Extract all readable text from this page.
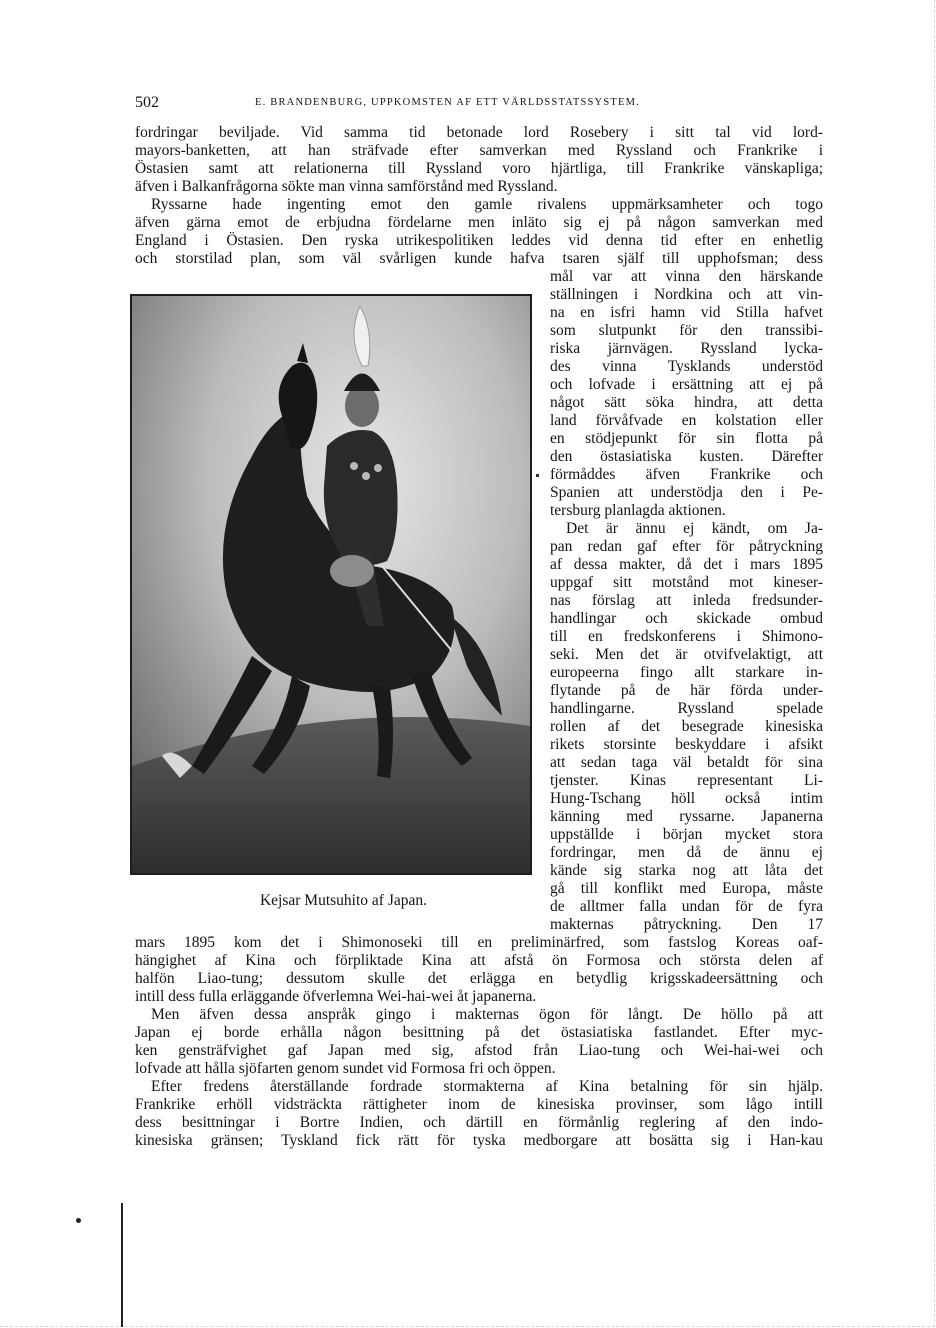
502	E. BRANDENBURG, UPPKOMSTEN AF ETT VÄRLDSSTATSSYSTEM.
fordringar beviljade. Vid samma tid betonade lord Rosebery i sitt tal vid lord-
mayors-banketten, att han sträfvade efter samverkan med Ryssland och Frankrike i
Östasien samt att relationerna till Ryssland voro hjärtliga, till Frankrike vänskapliga;
äfven i Balkanfrågorna sökte man vinna samförstånd med Ryssland.
Ryssarne hade ingenting emot den gamle rivalens uppmärksamheter och togo
äfven gärna emot de erbjudna fördelarne men inläto sig ej på någon samverkan med
England i Östasien. Den ryska utrikespolitiken leddes vid denna tid efter en enhetlig
och storstilad plan, som väl svårligen kunde hafva tsaren själf till upphofsman; dess
Kejsar Mutsuhito af Japan.
mål var att vinna den härskande
ställningen i Nordkina och att vin-
na en isfri hamn vid Stilla hafvet
som slutpunkt för den transsibi-
riska järnvägen. Ryssland lycka-
des vinna Tysklands understöd
och lofvade i ersättning att ej på
något sätt söka hindra, att detta
land förvåfvade en kolstation eller
en stödjepunkt för sin flotta på
den östasiatiska kusten. Därefter
förmåddes äfven Frankrike och
Spanien att understödja den i Pe-
tersburg planlagda aktionen.
Det är ännu ej kändt, om Ja-
pan redan gaf efter för påtryckning
af dessa makter, då det i mars 1895
uppgaf sitt motstånd mot kineser-
nas förslag att inleda fredsunder-
handlingar och skickade ombud
till en fredskonferens i Shimono-
seki. Men det är otvifvelaktigt, att
europeerna fingo allt starkare in-
flytande på de här förda under-
handlingarne. Ryssland spelade
rollen af det besegrade kinesiska
rikets storsinte beskyddare i afsikt
att sedan taga väl betaldt för sina
tjenster. Kinas representant Li-
Hung-Tschang höll också intim
känning med ryssarne. Japanerna
uppställde i början mycket stora
fordringar, men då de ännu ej
kände sig starka nog att låta det
gå till konflikt med Europa, måste
de alltmer falla undan för de fyra
makternas påtryckning. Den 17
mars 1895 kom det i Shimonoseki till en preliminärfred, som fastslog Koreas oaf-
hängighet af Kina och förpliktade Kina att afstå ön Formosa och största delen af
halfön Liao-tung; dessutom skulle det erlägga en betydlig krigsskadeersättning och
intill dess fulla erläggande öfverlemna Wei-hai-wei åt japanerna.
Men äfven dessa anspråk gingo i makternas ögon för långt. De höllo på att
Japan ej borde erhålla någon besittning på det östasiatiska fastlandet. Efter myc-
ken gensträfvighet gaf Japan med sig, afstod från Liao-tung och Wei-hai-wei och
lofvade att hålla sjöfarten genom sundet vid Formosa fri och öppen.
Efter fredens återställande fordrade stormakterna af Kina betalning för sin hjälp.
Frankrike erhöll vidsträckta rättigheter inom de kinesiska provinser, som lågo intill
dess besittningar i Bortre Indien, och därtill en förmånlig reglering af den indo-
kinesiska gränsen; Tyskland fick rätt för tyska medborgare att bosätta sig i Han-kau
